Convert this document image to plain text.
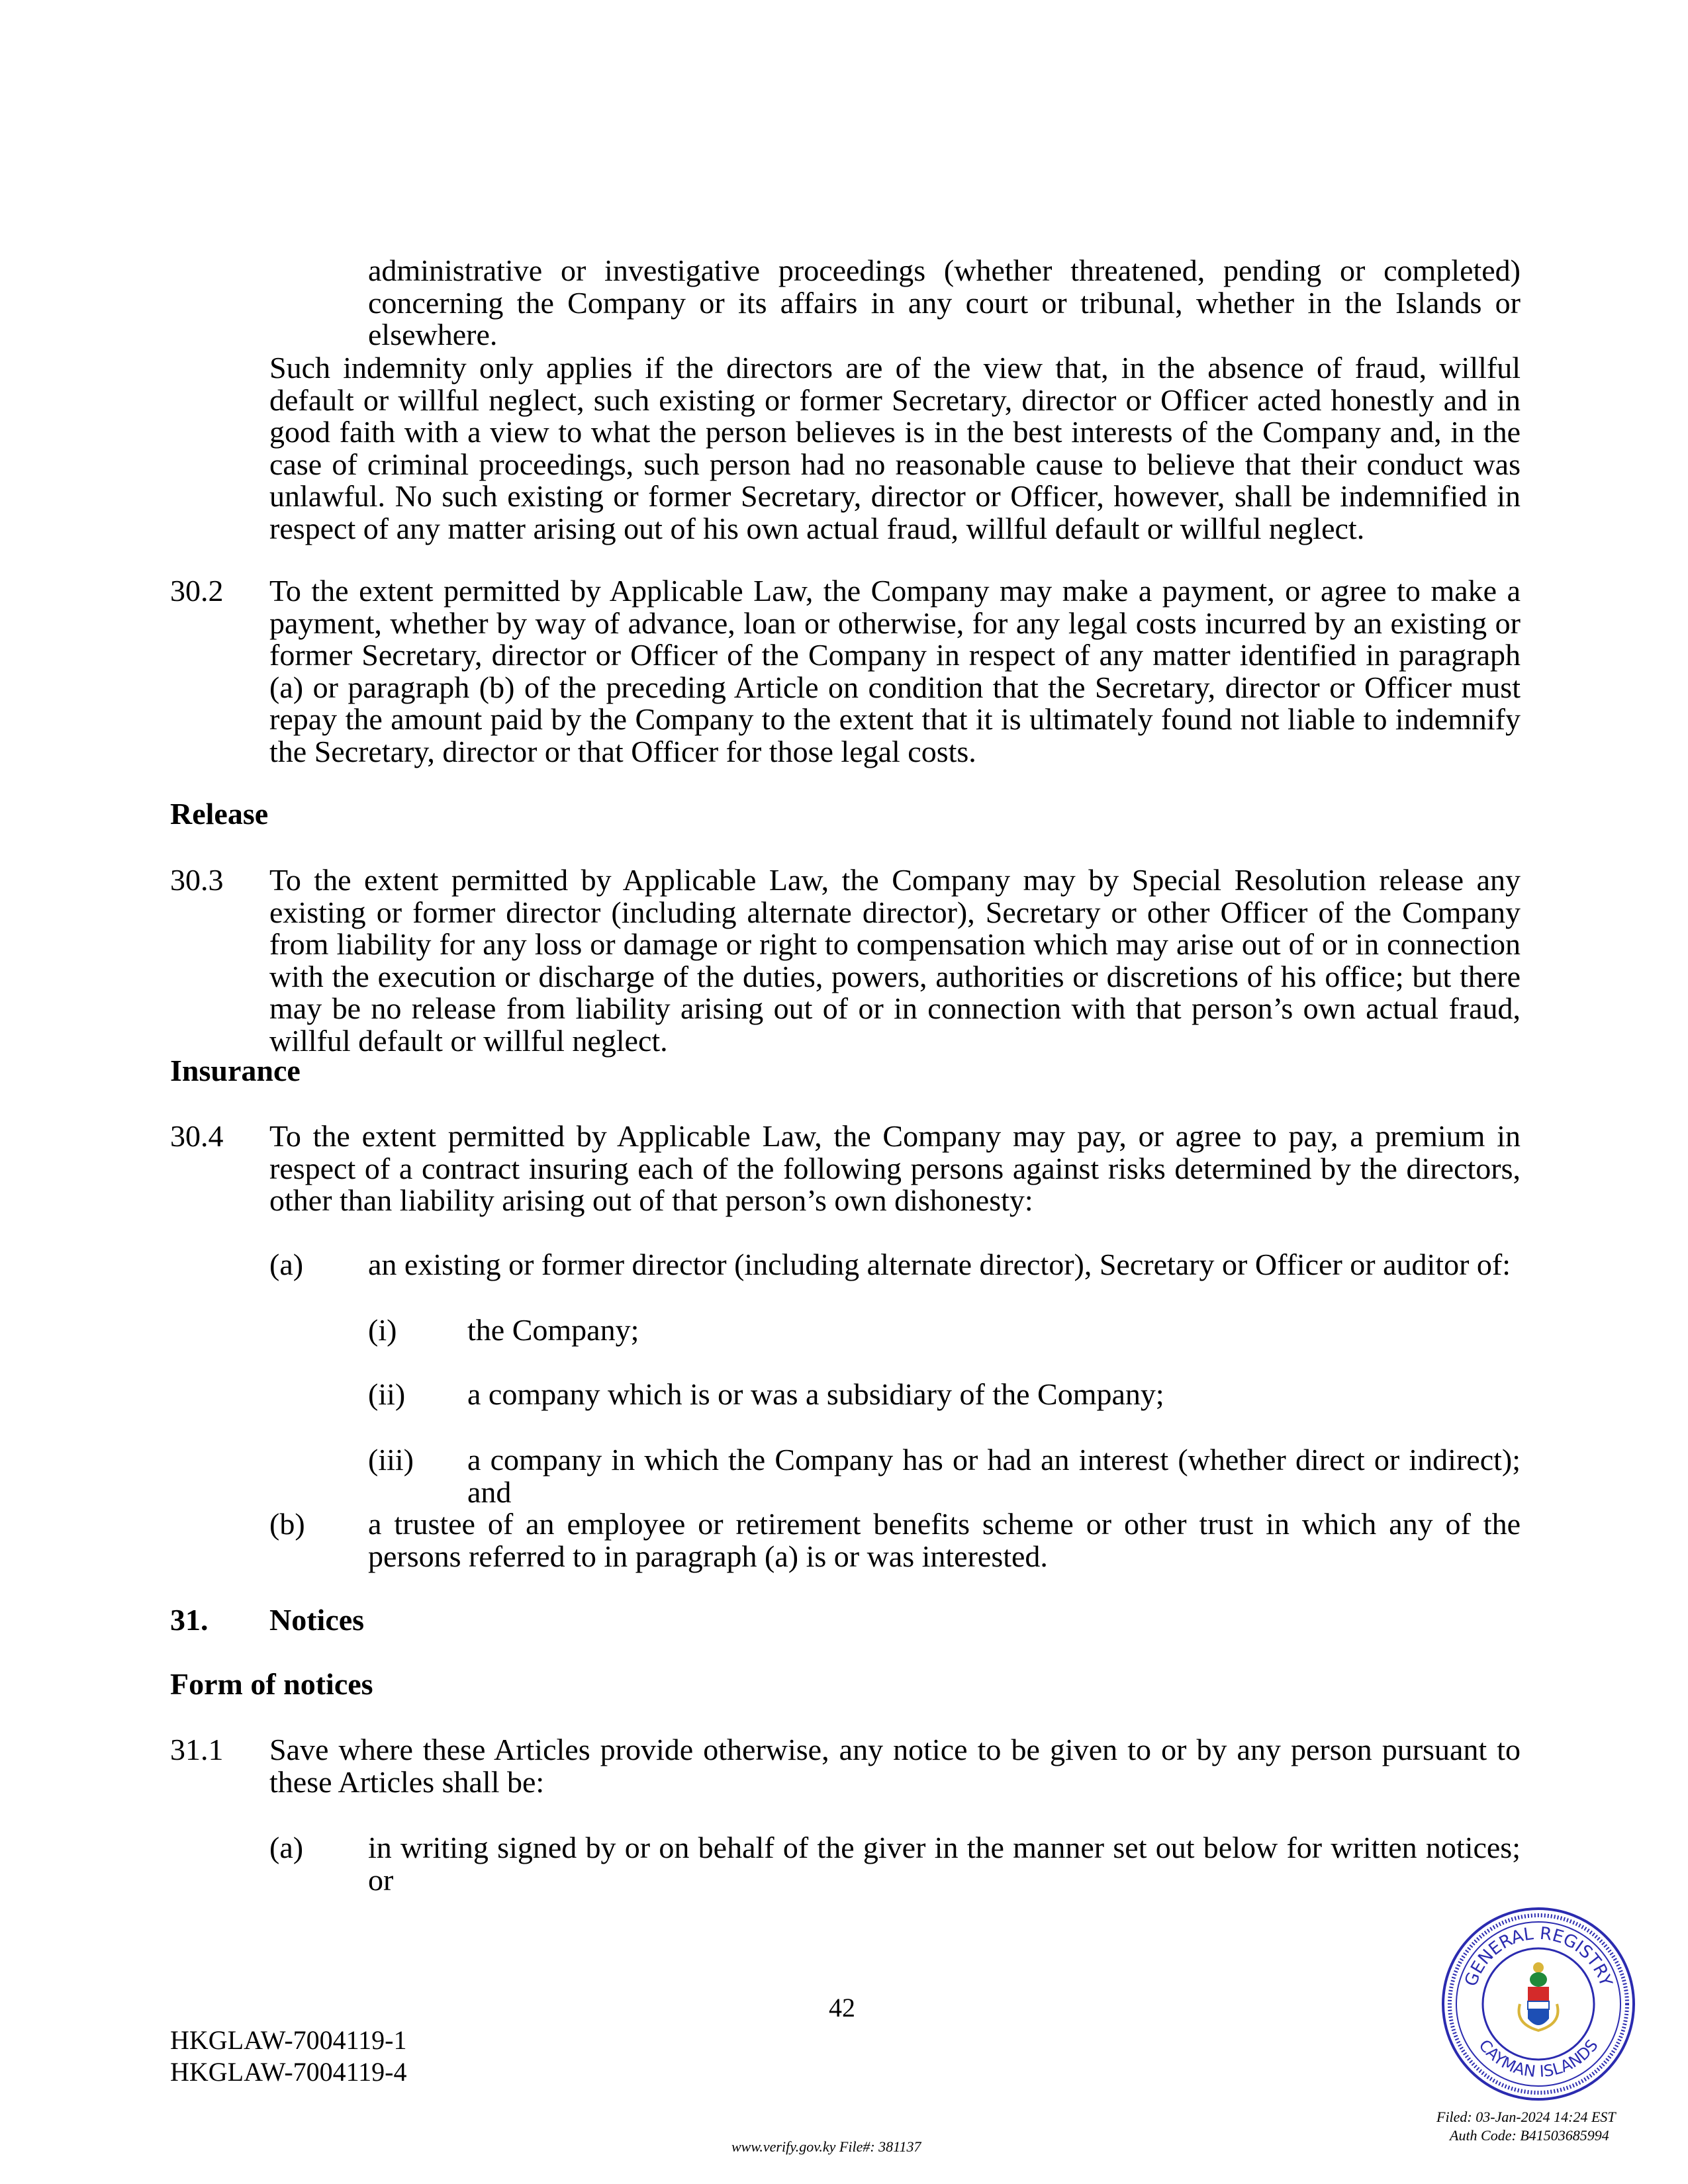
administrative or investigative proceedings (whether threatened, pending or completed) concerning the Company or its affairs in any court or tribunal, whether in the Islands or elsewhere.
Such indemnity only applies if the directors are of the view that, in the absence of fraud, willful default or willful neglect, such existing or former Secretary, director or Officer acted honestly and in good faith with a view to what the person believes is in the best interests of the Company and, in the case of criminal proceedings, such person had no reasonable cause to believe that their conduct was unlawful. No such existing or former Secretary, director or Officer, however, shall be indemnified in respect of any matter arising out of his own actual fraud, willful default or willful neglect.
30.2 To the extent permitted by Applicable Law, the Company may make a payment, or agree to make a payment, whether by way of advance, loan or otherwise, for any legal costs incurred by an existing or former Secretary, director or Officer of the Company in respect of any matter identified in paragraph (a) or paragraph (b) of the preceding Article on condition that the Secretary, director or Officer must repay the amount paid by the Company to the extent that it is ultimately found not liable to indemnify the Secretary, director or that Officer for those legal costs.
Release
30.3 To the extent permitted by Applicable Law, the Company may by Special Resolution release any existing or former director (including alternate director), Secretary or other Officer of the Company from liability for any loss or damage or right to compensation which may arise out of or in connection with the execution or discharge of the duties, powers, authorities or discretions of his office; but there may be no release from liability arising out of or in connection with that person’s own actual fraud, willful default or willful neglect.
Insurance
30.4 To the extent permitted by Applicable Law, the Company may pay, or agree to pay, a premium in respect of a contract insuring each of the following persons against risks determined by the directors, other than liability arising out of that person’s own dishonesty:
(a) an existing or former director (including alternate director), Secretary or Officer or auditor of:
(i) the Company;
(ii) a company which is or was a subsidiary of the Company;
(iii) a company in which the Company has or had an interest (whether direct or indirect); and
(b) a trustee of an employee or retirement benefits scheme or other trust in which any of the persons referred to in paragraph (a) is or was interested.
31. Notices
Form of notices
31.1 Save where these Articles provide otherwise, any notice to be given to or by any person pursuant to these Articles shall be:
(a) in writing signed by or on behalf of the giver in the manner set out below for written notices; or
42
HKGLAW-7004119-1
HKGLAW-7004119-4
www.verify.gov.ky File#: 381137
Filed: 03-Jan-2024 14:24 EST
Auth Code: B41503685994
GENERAL REGISTRY
CAYMAN ISLANDS
